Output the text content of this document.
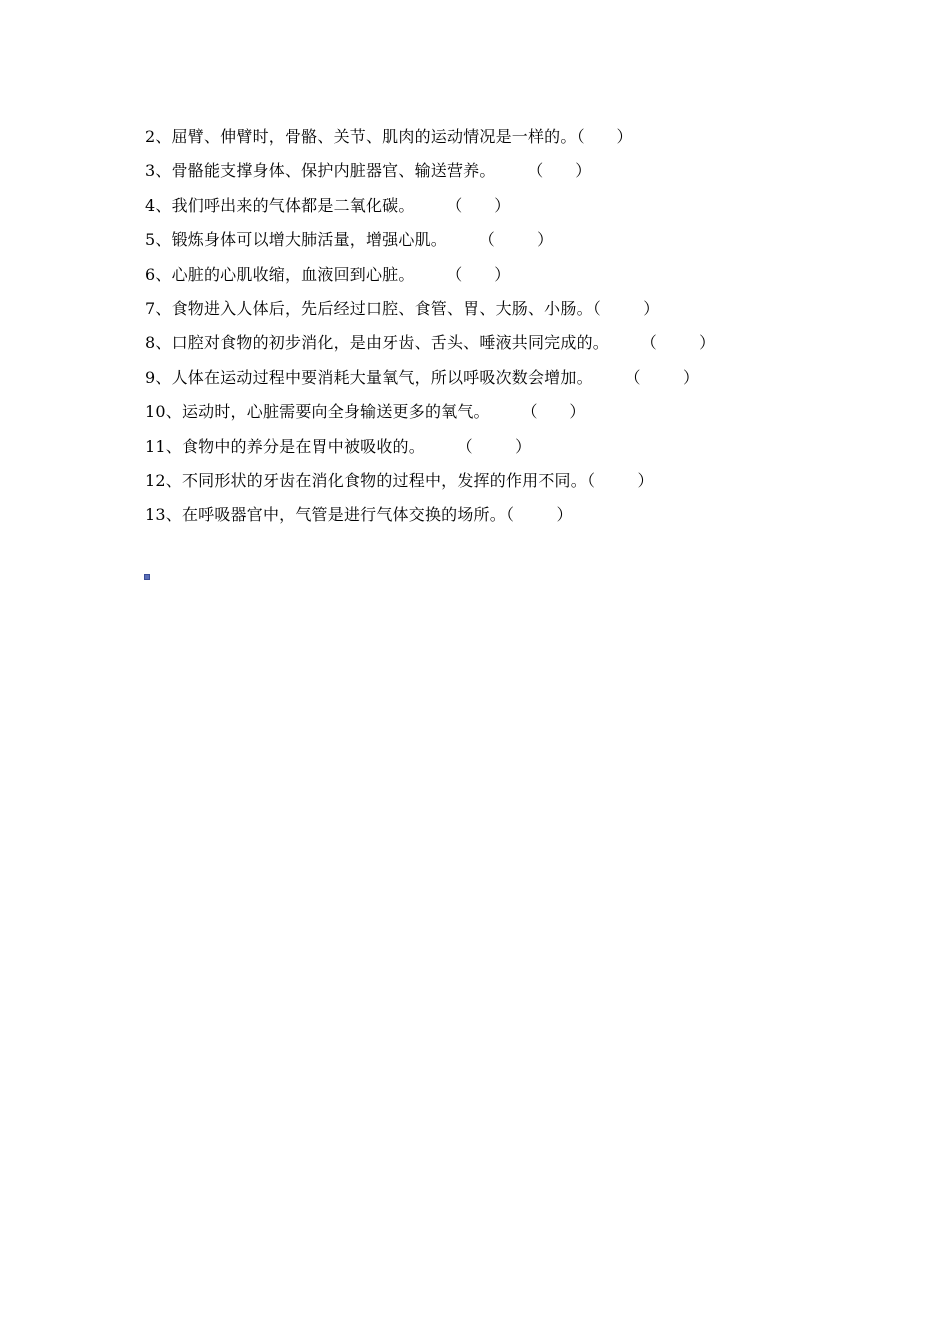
2、屈臂、伸臂时，骨骼、关节、肌肉的运动情况是一样的。（      ）
3、骨骼能支撑身体、保护内脏器官、输送营养。      （      ）
4、我们呼出来的气体都是二氧化碳。      （      ）
5、锻炼身体可以增大肺活量，增强心肌。      （        ）
6、心脏的心肌收缩，血液回到心脏。      （      ）
7、食物进入人体后，先后经过口腔、食管、胃、大肠、小肠。（        ）
8、口腔对食物的初步消化，是由牙齿、舌头、唾液共同完成的。      （        ）
9、人体在运动过程中要消耗大量氧气，所以呼吸次数会增加。      （        ）
10、运动时，心脏需要向全身输送更多的氧气。      （      ）
11、食物中的养分是在胃中被吸收的。      （        ）
12、不同形状的牙齿在消化食物的过程中，发挥的作用不同。（        ）
13、在呼吸器官中，气管是进行气体交换的场所。（        ）
